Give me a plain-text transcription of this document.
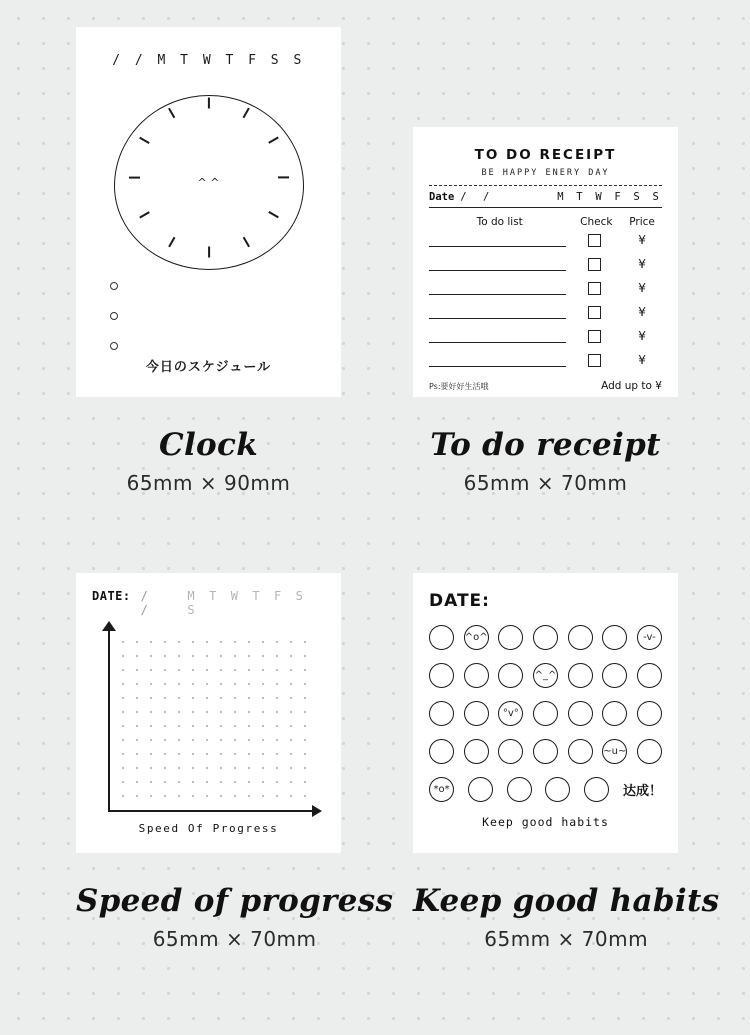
/ / M T W T F S S
^ ^
今日のスケジュール
Clock
65mm × 90mm
TO DO RECEIPT
BE HAPPY ENERY DAY
Date / /	M T W F S S
To do list	Check	Price
¥
¥
¥
¥
¥
¥
Ps:要好好生活哦	Add up to ¥
To do receipt
65mm × 70mm
DATE: / /
M T W T F S S
Speed Of Progress
Speed of progress
65mm × 70mm
DATE:
^o^	-v-
^_^
°v°
~u~
*o*	达成！
Keep good habits
Keep good habits
65mm × 70mm
